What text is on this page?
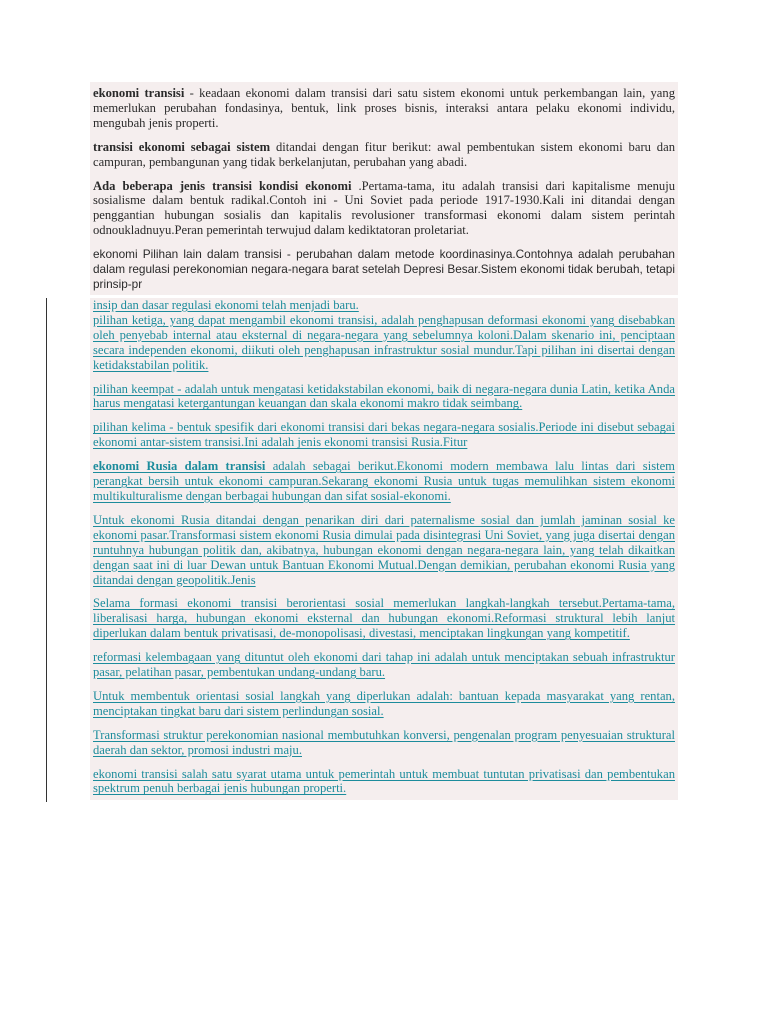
ekonomi transisi - keadaan ekonomi dalam transisi dari satu sistem ekonomi untuk perkembangan lain, yang memerlukan perubahan fondasinya, bentuk, link proses bisnis, interaksi antara pelaku ekonomi individu, mengubah jenis properti.

transisi ekonomi sebagai sistem ditandai dengan fitur berikut: awal pembentukan sistem ekonomi baru dan campuran, pembangunan yang tidak berkelanjutan, perubahan yang abadi.

Ada beberapa jenis transisi kondisi ekonomi .Pertama-tama, itu adalah transisi dari kapitalisme menuju sosialisme dalam bentuk radikal.Contoh ini - Uni Soviet pada periode 1917-1930.Kali ini ditandai dengan penggantian hubungan sosialis dan kapitalis revolusioner transformasi ekonomi dalam sistem perintah odnoukladnuyu.Peran pemerintah terwujud dalam kediktatoran proletariat.

ekonomi Pilihan lain dalam transisi - perubahan dalam metode koordinasinya.Contohnya adalah perubahan dalam regulasi perekonomian negara-negara barat setelah Depresi Besar.Sistem ekonomi tidak berubah, tetapi prinsip-pr

insip dan dasar regulasi ekonomi telah menjadi baru.

pilihan ketiga, yang dapat mengambil ekonomi transisi, adalah penghapusan deformasi ekonomi yang disebabkan oleh penyebab internal atau eksternal di negara-negara yang sebelumnya koloni.Dalam skenario ini, penciptaan secara independen ekonomi, diikuti oleh penghapusan infrastruktur sosial mundur.Tapi pilihan ini disertai dengan ketidakstabilan politik.

pilihan keempat - adalah untuk mengatasi ketidakstabilan ekonomi, baik di negara-negara dunia Latin, ketika Anda harus mengatasi ketergantungan keuangan dan skala ekonomi makro tidak seimbang.

pilihan kelima - bentuk spesifik dari ekonomi transisi dari bekas negara-negara sosialis.Periode ini disebut sebagai ekonomi antar-sistem transisi.Ini adalah jenis ekonomi transisi Rusia.Fitur

ekonomi Rusia dalam transisi adalah sebagai berikut.Ekonomi modern membawa lalu lintas dari sistem perangkat bersih untuk ekonomi campuran.Sekarang ekonomi Rusia untuk tugas memulihkan sistem ekonomi multikulturalisme dengan berbagai hubungan dan sifat sosial-ekonomi.

Untuk ekonomi Rusia ditandai dengan penarikan diri dari paternalisme sosial dan jumlah jaminan sosial ke ekonomi pasar.Transformasi sistem ekonomi Rusia dimulai pada disintegrasi Uni Soviet, yang juga disertai dengan runtuhnya hubungan politik dan, akibatnya, hubungan ekonomi dengan negara-negara lain, yang telah dikaitkan dengan saat ini di luar Dewan untuk Bantuan Ekonomi Mutual.Dengan demikian, perubahan ekonomi Rusia yang ditandai dengan geopolitik.Jenis

Selama formasi ekonomi transisi berorientasi sosial memerlukan langkah-langkah tersebut.Pertama-tama, liberalisasi harga, hubungan ekonomi eksternal dan hubungan ekonomi.Reformasi struktural lebih lanjut diperlukan dalam bentuk privatisasi, de-monopolisasi, divestasi, menciptakan lingkungan yang kompetitif.

reformasi kelembagaan yang dituntut oleh ekonomi dari tahap ini adalah untuk menciptakan sebuah infrastruktur pasar, pelatihan pasar, pembentukan undang-undang baru.

Untuk membentuk orientasi sosial langkah yang diperlukan adalah: bantuan kepada masyarakat yang rentan, menciptakan tingkat baru dari sistem perlindungan sosial.

Transformasi struktur perekonomian nasional membutuhkan konversi, pengenalan program penyesuaian struktural daerah dan sektor, promosi industri maju.

ekonomi transisi salah satu syarat utama untuk pemerintah untuk membuat tuntutan privatisasi dan pembentukan spektrum penuh berbagai jenis hubungan properti.
